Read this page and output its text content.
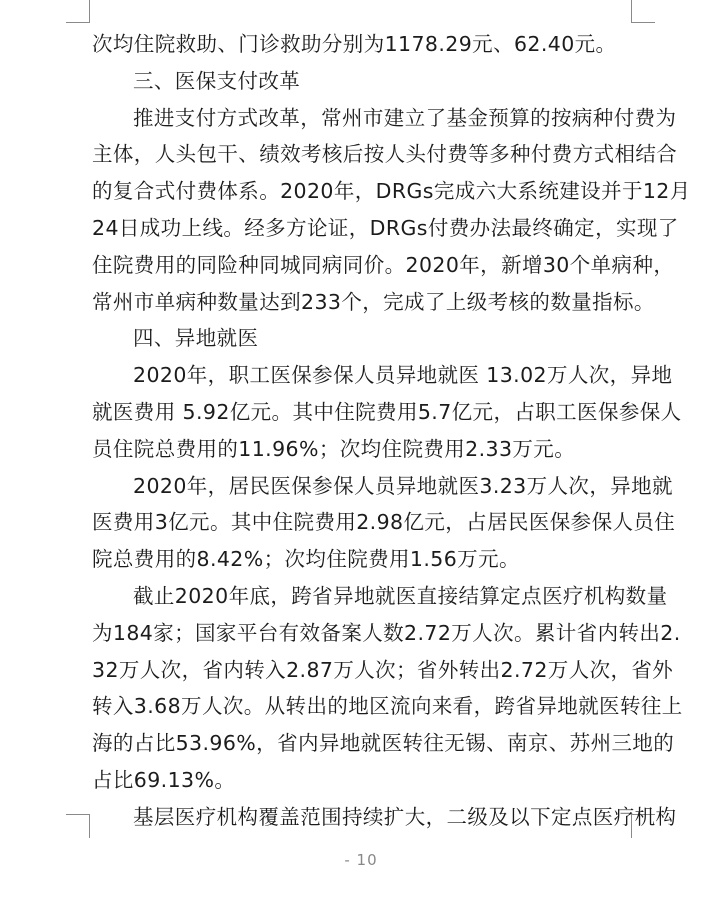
次均住院救助、门诊救助分别为1178.29元、62.40元。

三、医保支付改革

推进支付方式改革，常州市建立了基金预算的按病种付费为

主体，人头包干、绩效考核后按人头付费等多种付费方式相结合

的复合式付费体系。2020年，DRGs完成六大系统建设并于12月

24日成功上线。经多方论证，DRGs付费办法最终确定，实现了

住院费用的同险种同城同病同价。2020年，新增30个单病种，

常州市单病种数量达到233个，完成了上级考核的数量指标。

四、异地就医

2020年，职工医保参保人员异地就医 13.02万人次，异地

就医费用 5.92亿元。其中住院费用5.7亿元，占职工医保参保人

员住院总费用的11.96%；次均住院费用2.33万元。

2020年，居民医保参保人员异地就医3.23万人次，异地就

医费用3亿元。其中住院费用2.98亿元，占居民医保参保人员住

院总费用的8.42%；次均住院费用1.56万元。

截止2020年底，跨省异地就医直接结算定点医疗机构数量

为184家；国家平台有效备案人数2.72万人次。累计省内转出2.

32万人次，省内转入2.87万人次；省外转出2.72万人次，省外

转入3.68万人次。从转出的地区流向来看，跨省异地就医转往上

海的占比53.96%，省内异地就医转往无锡、南京、苏州三地的

占比69.13%。

基层医疗机构覆盖范围持续扩大，二级及以下定点医疗机构

- 10
